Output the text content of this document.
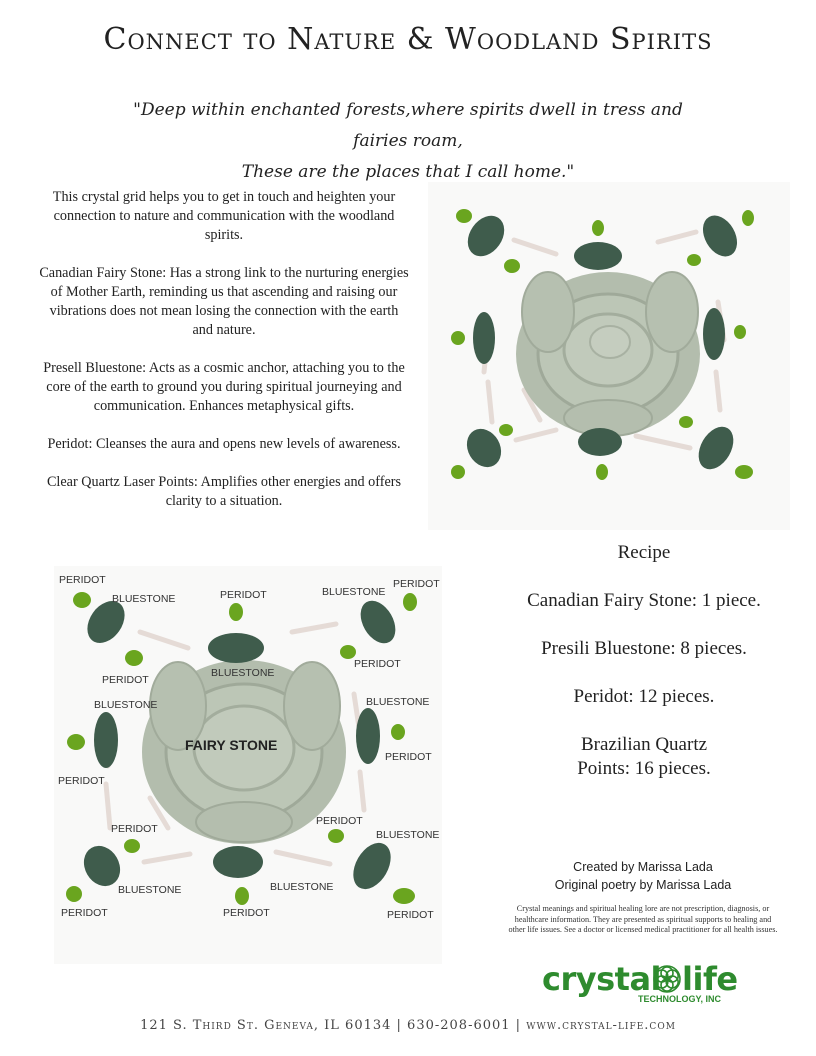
Connect to Nature & Woodland Spirits
"Deep within enchanted forests,where spirits dwell in tress and fairies roam,
These are the places that I call home."

This crystal grid helps you to get in touch and heighten your connection to nature and communication with the woodland spirits.

Canadian Fairy Stone: Has a strong link to the nurturing energies of Mother Earth, reminding us that ascending and raising our vibrations does not mean losing the connection with the earth and nature.

Presell Bluestone: Acts as a cosmic anchor, attaching you to the core of the earth to ground you during spiritual journeying and communication. Enhances metaphysical gifts.

Peridot: Cleanses the aura and opens new levels of awareness.

Clear Quartz Laser Points: Amplifies other energies and offers clarity to a situation.

PERIDOT
BLUESTONE	PERIDOT	BLUESTONE
PERIDOT
PERIDOT
BLUESTONE
PERIDOT
BLUESTONE	BLUESTONE
FAIRY STONE
PERIDOT
PERIDOT
PERIDOT
PERIDOT
BLUESTONE
BLUESTONE	BLUESTONE
PERIDOT	PERIDOT	PERIDOT
Recipe
Canadian Fairy Stone: 1 piece.
Presili Bluestone: 8 pieces.
Peridot: 12 pieces.
Brazilian Quartz Points: 16 pieces.
Created by Marissa Lada
Original poetry by Marissa Lada
Crystal meanings and spiritual healing lore are not prescription, diagnosis, or healthcare information. They are presented as spiritual supports to healing and other life issues. See a doctor or licensed medical practitioner for all health issues.
crystal life
TECHNOLOGY, INC
121 S. Third St. Geneva, IL 60134 | 630-208-6001 | www.crystal-life.com
